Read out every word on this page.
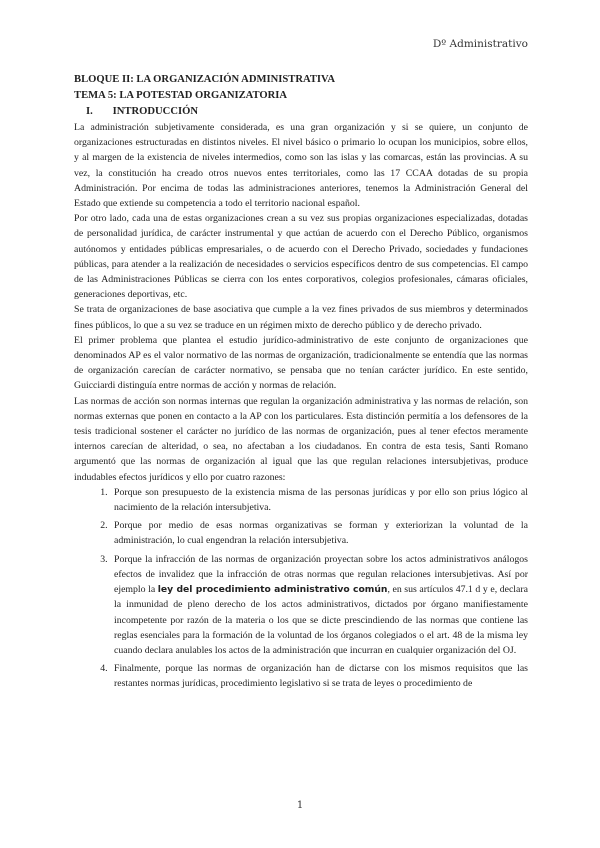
Dº Administrativo
BLOQUE II: LA ORGANIZACIÓN ADMINISTRATIVA
TEMA 5: LA POTESTAD ORGANIZATORIA
I. INTRODUCCIÓN

La administración subjetivamente considerada, es una gran organización y si se quiere, un conjunto de organizaciones estructuradas en distintos niveles. El nivel básico o primario lo ocupan los municipios, sobre ellos, y al margen de la existencia de niveles intermedios, como son las islas y las comarcas, están las provincias. A su vez, la constitución ha creado otros nuevos entes territoriales, como las 17 CCAA dotadas de su propia Administración. Por encima de todas las administraciones anteriores, tenemos la Administración General del Estado que extiende su competencia a todo el territorio nacional español.

Por otro lado, cada una de estas organizaciones crean a su vez sus propias organizaciones especializadas, dotadas de personalidad jurídica, de carácter instrumental y que actúan de acuerdo con el Derecho Público, organismos autónomos y entidades públicas empresariales, o de acuerdo con el Derecho Privado, sociedades y fundaciones públicas, para atender a la realización de necesidades o servicios específicos dentro de sus competencias. El campo de las Administraciones Públicas se cierra con los entes corporativos, colegios profesionales, cámaras oficiales, generaciones deportivas, etc.

Se trata de organizaciones de base asociativa que cumple a la vez fines privados de sus miembros y determinados fines públicos, lo que a su vez se traduce en un régimen mixto de derecho público y de derecho privado.

El primer problema que plantea el estudio jurídico-administrativo de este conjunto de organizaciones que denominados AP es el valor normativo de las normas de organización, tradicionalmente se entendía que las normas de organización carecían de carácter normativo, se pensaba que no tenían carácter jurídico. En este sentido, Guicciardi distinguía entre normas de acción y normas de relación.

Las normas de acción son normas internas que regulan la organización administrativa y las normas de relación, son normas externas que ponen en contacto a la AP con los particulares. Esta distinción permitía a los defensores de la tesis tradicional sostener el carácter no jurídico de las normas de organización, pues al tener efectos meramente internos carecían de alteridad, o sea, no afectaban a los ciudadanos. En contra de esta tesis, Santi Romano argumentó que las normas de organización al igual que las que regulan relaciones intersubjetivas, produce indudables efectos jurídicos y ello por cuatro razones:

1. Porque son presupuesto de la existencia misma de las personas jurídicas y por ello son prius lógico al nacimiento de la relación intersubjetiva.
2. Porque por medio de esas normas organizativas se forman y exteriorizan la voluntad de la administración, lo cual engendran la relación intersubjetiva.
3. Porque la infracción de las normas de organización proyectan sobre los actos administrativos análogos efectos de invalidez que la infracción de otras normas que regulan relaciones intersubjetivas. Así por ejemplo la ley del procedimiento administrativo común, en sus artículos 47.1 d y e, declara la inmunidad de pleno derecho de los actos administrativos, dictados por órgano manifiestamente incompetente por razón de la materia o los que se dicte prescindiendo de las normas que contiene las reglas esenciales para la formación de la voluntad de los órganos colegiados o el art. 48 de la misma ley cuando declara anulables los actos de la administración que incurran en cualquier organización del OJ.
4. Finalmente, porque las normas de organización han de dictarse con los mismos requisitos que las restantes normas jurídicas, procedimiento legislativo si se trata de leyes o procedimiento de
1
